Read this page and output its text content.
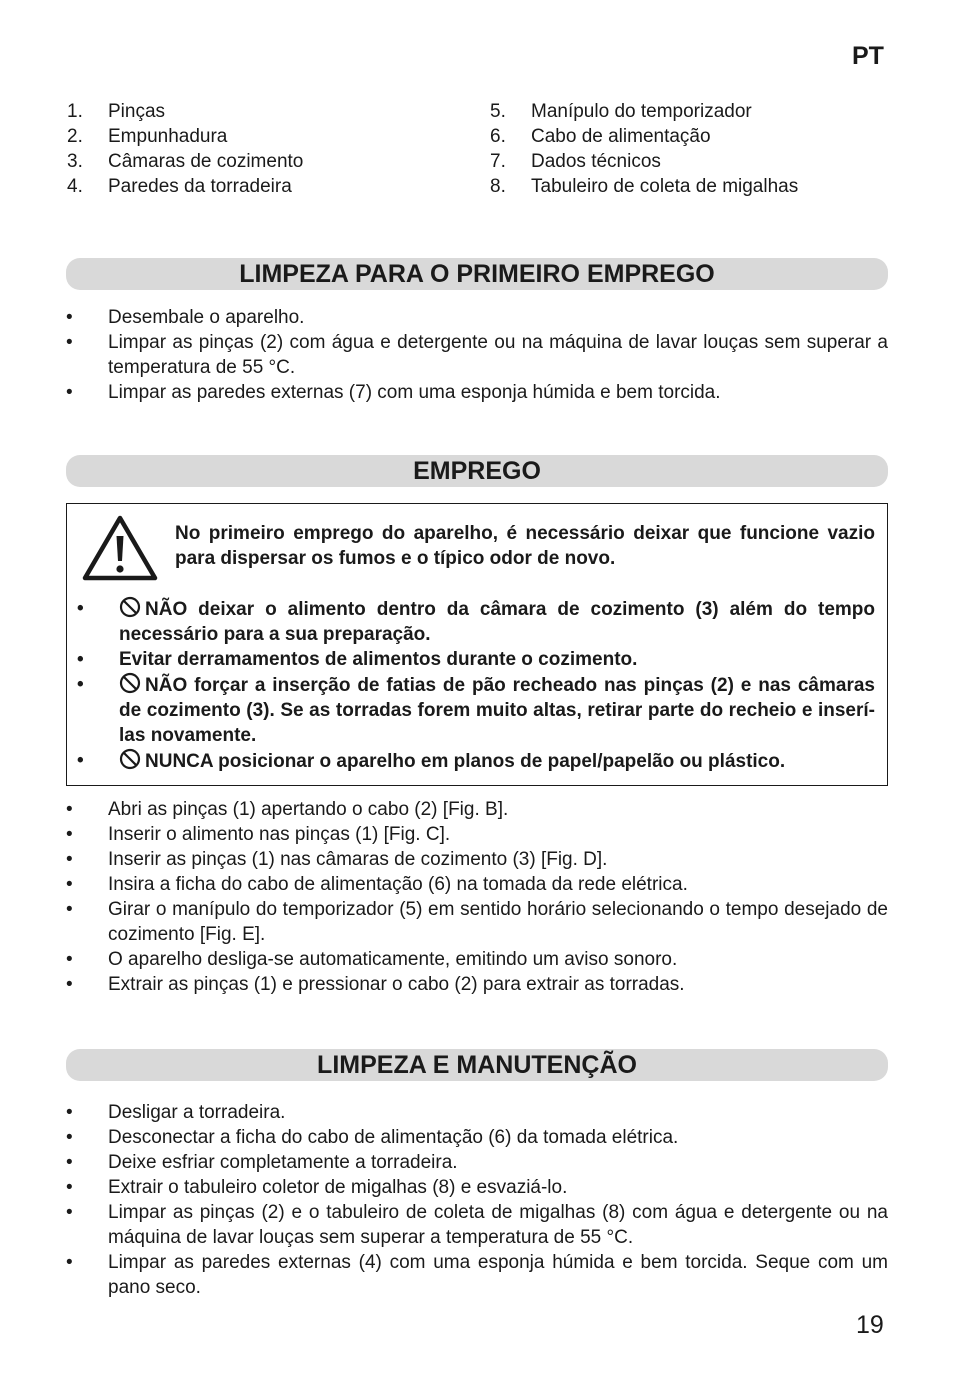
PT
1. Pinças
2. Empunhadura
3. Câmaras de cozimento
4. Paredes da torradeira
5. Manípulo do temporizador
6. Cabo de alimentação
7. Dados técnicos
8. Tabuleiro de coleta de migalhas
LIMPEZA PARA O PRIMEIRO EMPREGO
• Desembale o aparelho.
• Limpar as pinças (2) com água e detergente ou na máquina de lavar louças sem superar a temperatura de 55 °C.
• Limpar as paredes externas (7) com uma esponja húmida e bem torcida.
EMPREGO
No primeiro emprego do aparelho, é necessário deixar que funcione vazio para dispersar os fumos e o típico odor de novo.
•	NÃO deixar o alimento dentro da câmara de cozimento (3) além do tempo necessário para a sua preparação.
• Evitar derramamentos de alimentos durante o cozimento.
•	NÃO forçar a inserção de fatias de pão recheado nas pinças (2) e nas câmaras de cozimento (3). Se as torradas forem muito altas, retirar parte do recheio e inserí-las novamente.
•	NUNCA posicionar o aparelho em planos de papel/papelão ou plástico.
• Abri as pinças (1) apertando o cabo (2) [Fig. B].
• Inserir o alimento nas pinças (1) [Fig. C].
• Inserir as pinças (1) nas câmaras de cozimento (3) [Fig. D].
• Insira a ficha do cabo de alimentação (6) na tomada da rede elétrica.
• Girar o manípulo do temporizador (5) em sentido horário selecionando o tempo desejado de cozimento [Fig. E].
• O aparelho desliga-se automaticamente, emitindo um aviso sonoro.
• Extrair as pinças (1) e pressionar o cabo (2) para extrair as torradas.
LIMPEZA E MANUTENÇÃO
• Desligar a torradeira.
• Desconectar a ficha do cabo de alimentação (6) da tomada elétrica.
• Deixe esfriar completamente a torradeira.
• Extrair o tabuleiro coletor de migalhas (8) e esvaziá-lo.
• Limpar as pinças (2) e o tabuleiro de coleta de migalhas (8) com água e detergente ou na máquina de lavar louças sem superar a temperatura de 55 °C.
• Limpar as paredes externas (4) com uma esponja húmida e bem torcida. Seque com um pano seco.
19
